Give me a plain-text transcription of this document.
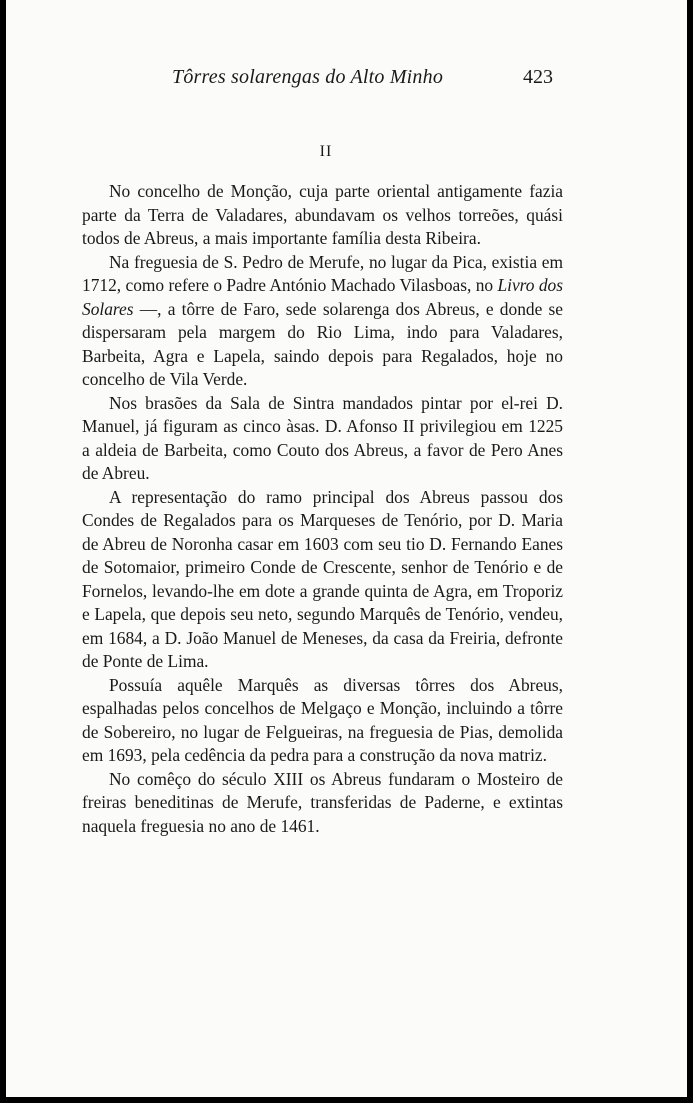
Tôrres solarengas do Alto Minho	423
II

No concelho de Monção, cuja parte oriental antigamente fazia parte da Terra de Valadares, abundavam os velhos torreões, quási todos de Abreus, a mais importante família desta Ribeira.

Na freguesia de S. Pedro de Merufe, no lugar da Pica, existia em 1712, como refere o Padre António Machado Vilasboas, no Livro dos Solares —, a tôrre de Faro, sede solarenga dos Abreus, e donde se dispersaram pela margem do Rio Lima, indo para Valadares, Barbeita, Agra e Lapela, saindo depois para Regalados, hoje no concelho de Vila Verde.

Nos brasões da Sala de Sintra mandados pintar por el-rei D. Manuel, já figuram as cinco àsas. D. Afonso II privilegiou em 1225 a aldeia de Barbeita, como Couto dos Abreus, a favor de Pero Anes de Abreu.

A representação do ramo principal dos Abreus passou dos Condes de Regalados para os Marqueses de Tenório, por D. Maria de Abreu de Noronha casar em 1603 com seu tio D. Fernando Eanes de Sotomaior, primeiro Conde de Crescente, senhor de Tenório e de Fornelos, levando-lhe em dote a grande quinta de Agra, em Troporiz e Lapela, que depois seu neto, segundo Marquês de Tenório, vendeu, em 1684, a D. João Manuel de Meneses, da casa da Freiria, defronte de Ponte de Lima.

Possuía aquêle Marquês as diversas tôrres dos Abreus, espalhadas pelos concelhos de Melgaço e Monção, incluindo a tôrre de Sobereiro, no lugar de Felgueiras, na freguesia de Pias, demolida em 1693, pela cedência da pedra para a construção da nova matriz.

No comêço do século XIII os Abreus fundaram o Mosteiro de freiras beneditinas de Merufe, transferidas de Paderne, e extintas naquela freguesia no ano de 1461.
